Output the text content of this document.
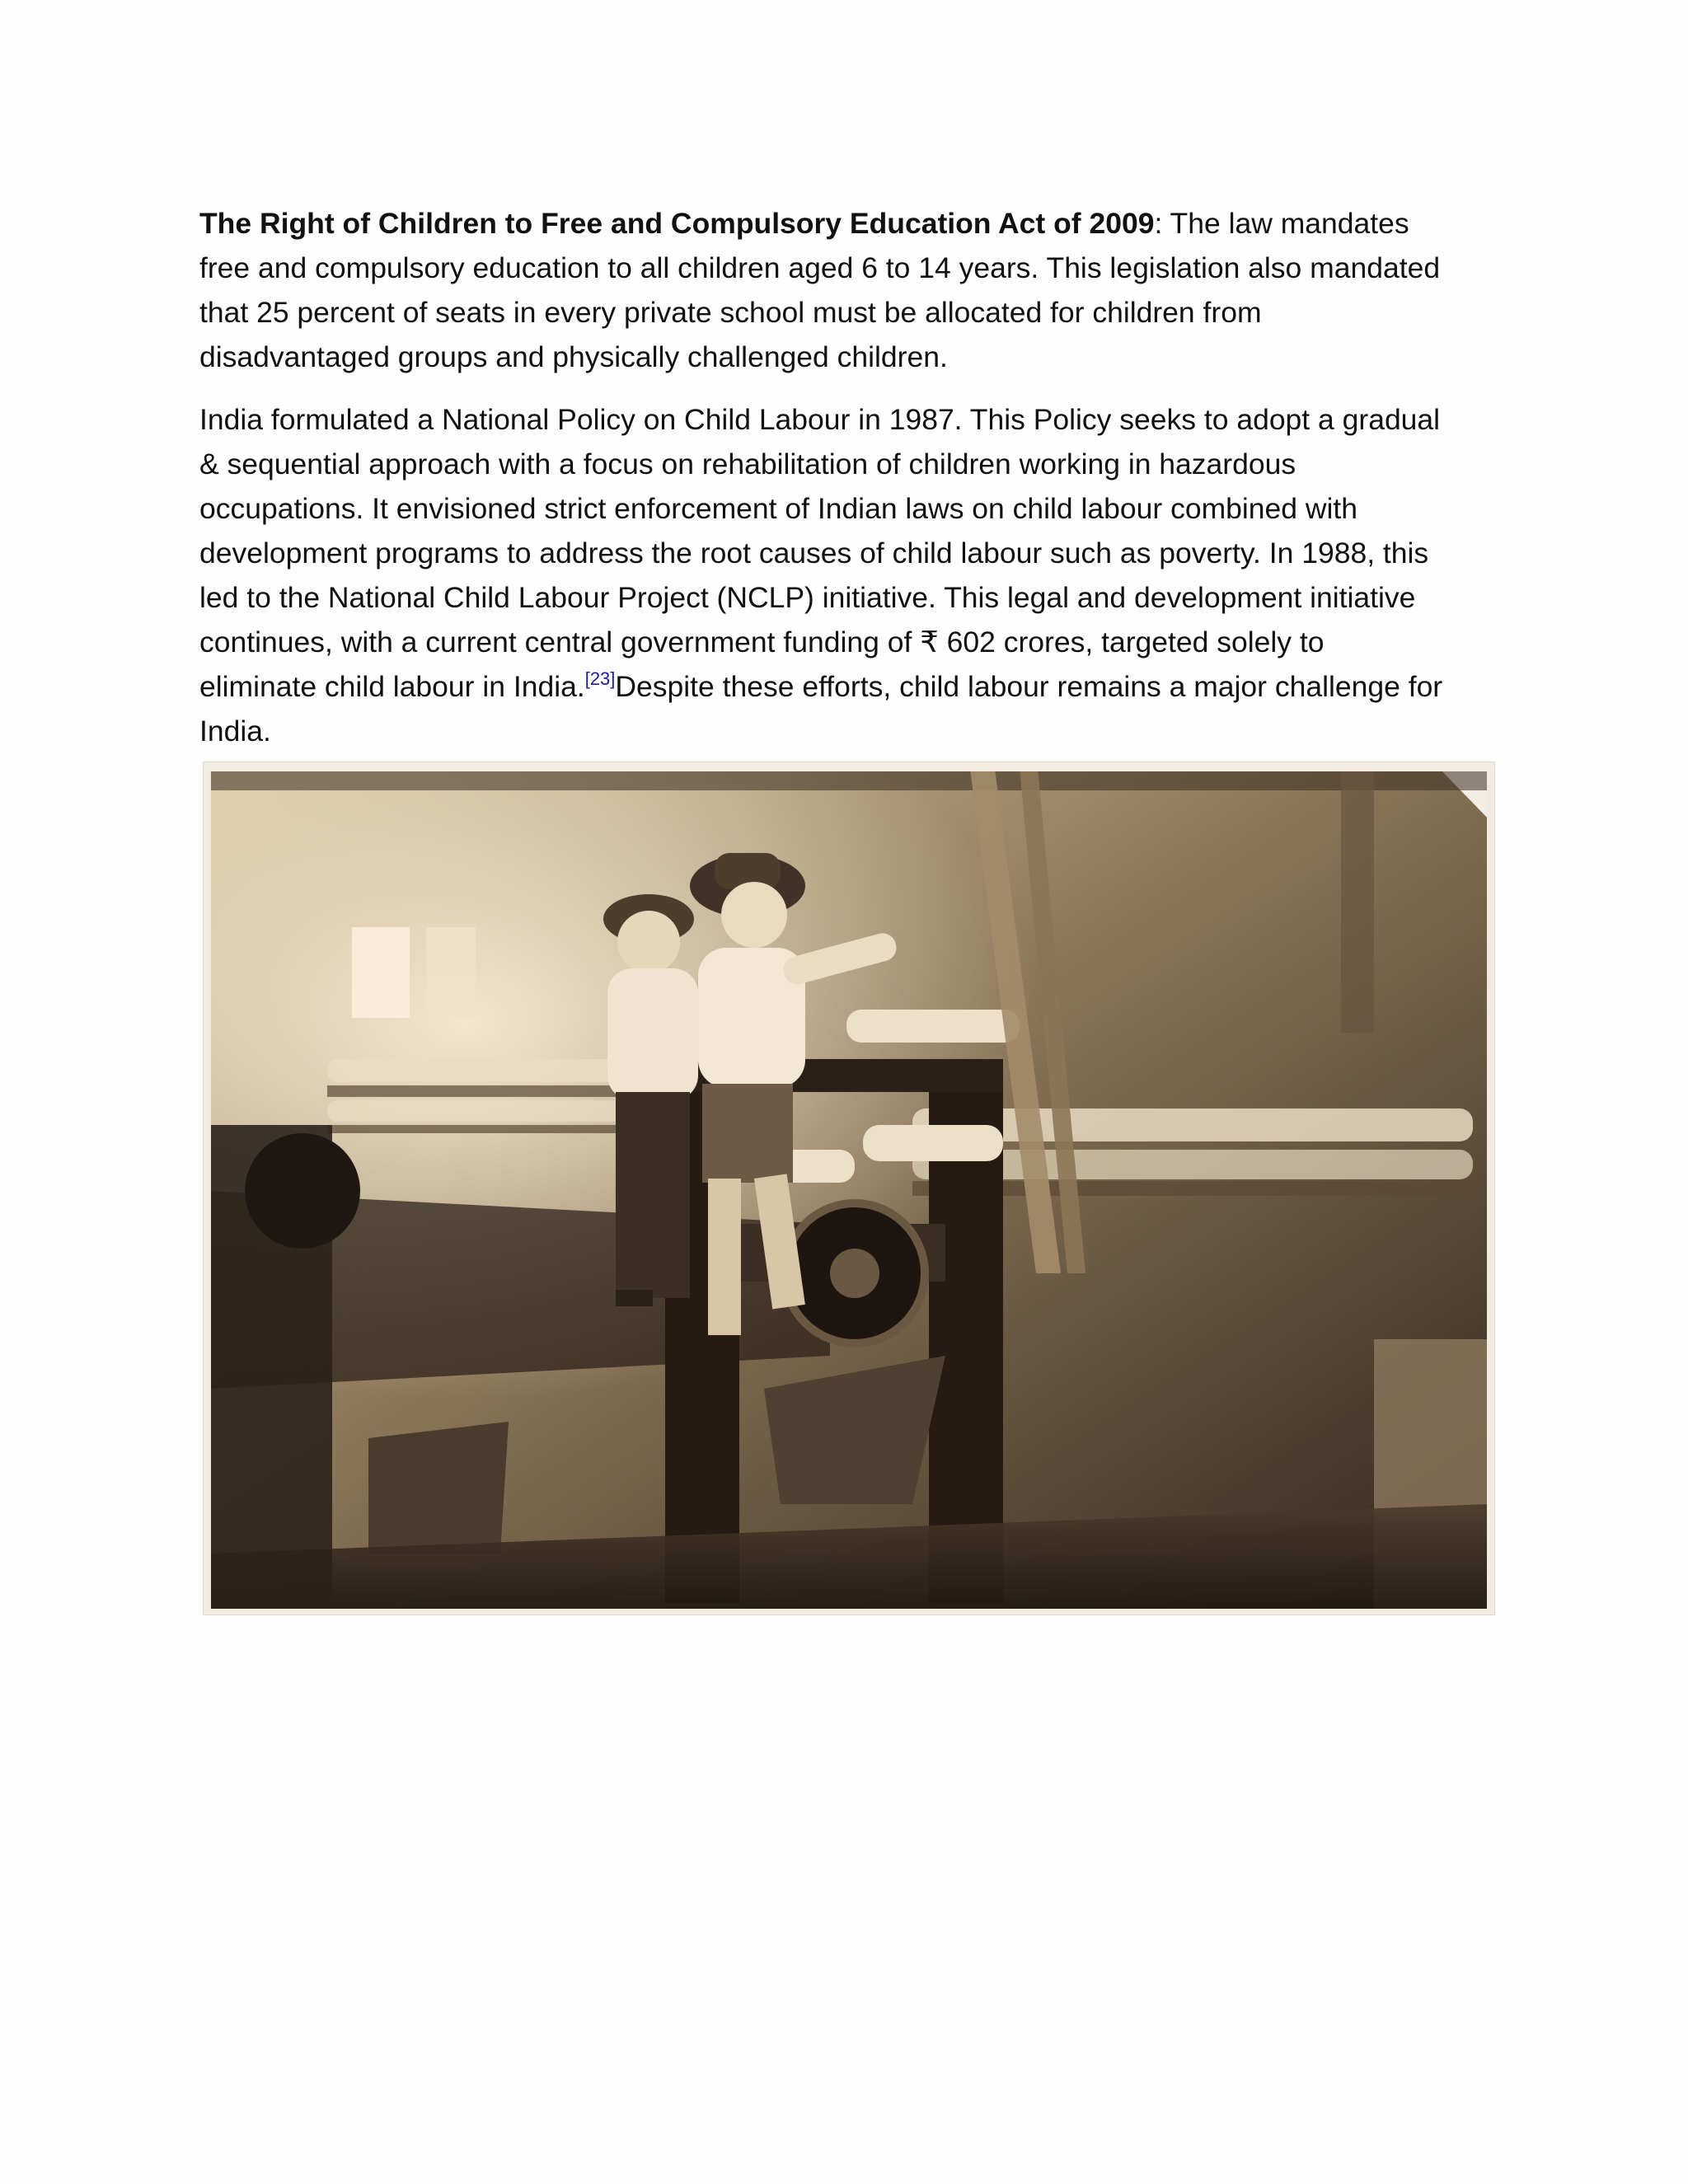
The Right of Children to Free and Compulsory Education Act of 2009: The law mandates
free and compulsory education to all children aged 6 to 14 years. This legislation also mandated
that 25 percent of seats in every private school must be allocated for children from
disadvantaged groups and physically challenged children.
India formulated a National Policy on Child Labour in 1987. This Policy seeks to adopt a gradual
& sequential approach with a focus on rehabilitation of children working in hazardous
occupations. It envisioned strict enforcement of Indian laws on child labour combined with
development programs to address the root causes of child labour such as poverty. In 1988, this
led to the National Child Labour Project (NCLP) initiative. This legal and development initiative
continues, with a current central government funding of ₹ 602 crores, targeted solely to
eliminate child labour in India.[23]Despite these efforts, child labour remains a major challenge for
India.
